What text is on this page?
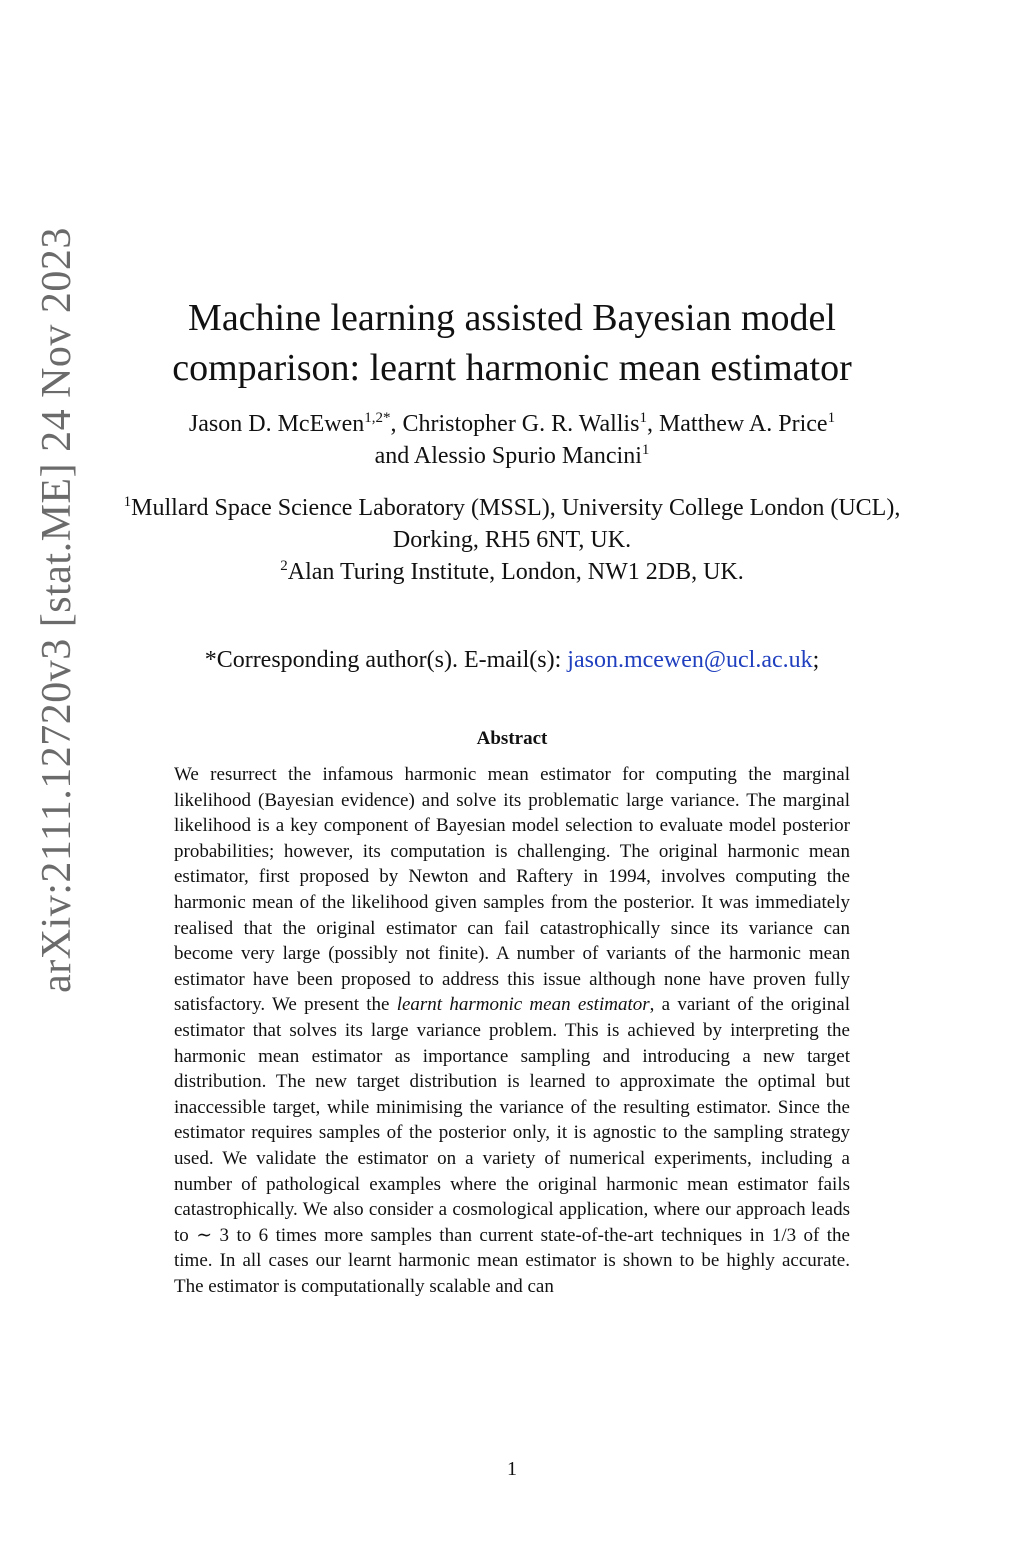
arXiv:2111.12720v3 [stat.ME] 24 Nov 2023	Machine learning assisted Bayesian model
comparison: learnt harmonic mean estimator
Jason D. McEwen$^{1,2*}$, Christopher G. R. Wallis$^1$, Matthew A. Price$^1$
and Alessio Spurio Mancini$^1$
$^1$Mullard Space Science Laboratory (MSSL), University College London (UCL), Dorking, RH5 6NT, UK.
$^2$Alan Turing Institute, London, NW1 2DB, UK.
*Corresponding author(s). E-mail(s): jason.mcewen@ucl.ac.uk;
Abstract

We resurrect the infamous harmonic mean estimator for computing the marginal likelihood (Bayesian evidence) and solve its problematic large variance. The marginal likelihood is a key component of Bayesian model selection to evaluate model posterior probabilities; however, its computation is challenging. The original harmonic mean estimator, first proposed by Newton and Raftery in 1994, involves computing the harmonic mean of the likelihood given samples from the posterior. It was immediately realised that the original estimator can fail catastrophically since its variance can become very large (possibly not finite). A number of variants of the harmonic mean estimator have been proposed to address this issue although none have proven fully satisfactory. We present the learnt harmonic mean estimator, a variant of the original estimator that solves its large variance problem. This is achieved by interpreting the harmonic mean estimator as importance sampling and introducing a new target distribution. The new target distribution is learned to approximate the optimal but inaccessible target, while minimising the variance of the resulting estimator. Since the estimator requires samples of the posterior only, it is agnostic to the sampling strategy used. We validate the estimator on a variety of numerical experiments, including a number of pathological examples where the original harmonic mean estimator fails catastrophically. We also consider a cosmological application, where our approach leads to ∼ 3 to 6 times more samples than current state-of-the-art techniques in 1/3 of the time. In all cases our learnt harmonic mean estimator is shown to be highly accurate. The estimator is computationally scalable and can

1
